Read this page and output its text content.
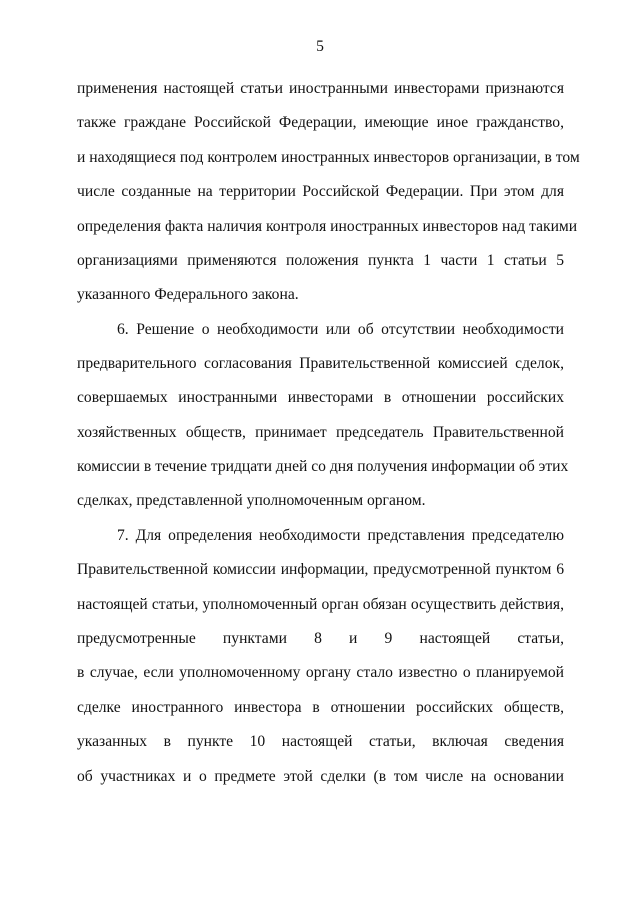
5
применения настоящей статьи иностранными инвесторами признаются
также граждане Российской Федерации, имеющие иное гражданство,
и находящиеся под контролем иностранных инвесторов организации, в том
числе созданные на территории Российской Федерации. При этом для
определения факта наличия контроля иностранных инвесторов над такими
организациями применяются положения пункта 1 части 1 статьи 5
указанного Федерального закона.
6. Решение о необходимости или об отсутствии необходимости
предварительного согласования Правительственной комиссией сделок,
совершаемых иностранными инвесторами в отношении российских
хозяйственных обществ, принимает председатель Правительственной
комиссии в течение тридцати дней со дня получения информации об этих
сделках, представленной уполномоченным органом.
7. Для определения необходимости представления председателю
Правительственной комиссии информации, предусмотренной пунктом 6
настоящей статьи, уполномоченный орган обязан осуществить действия,
предусмотренные пунктами 8 и 9 настоящей статьи,
в случае, если уполномоченному органу стало известно о планируемой
сделке иностранного инвестора в отношении российских обществ,
указанных в пункте 10 настоящей статьи, включая сведения
об участниках и о предмете этой сделки (в том числе на основании
